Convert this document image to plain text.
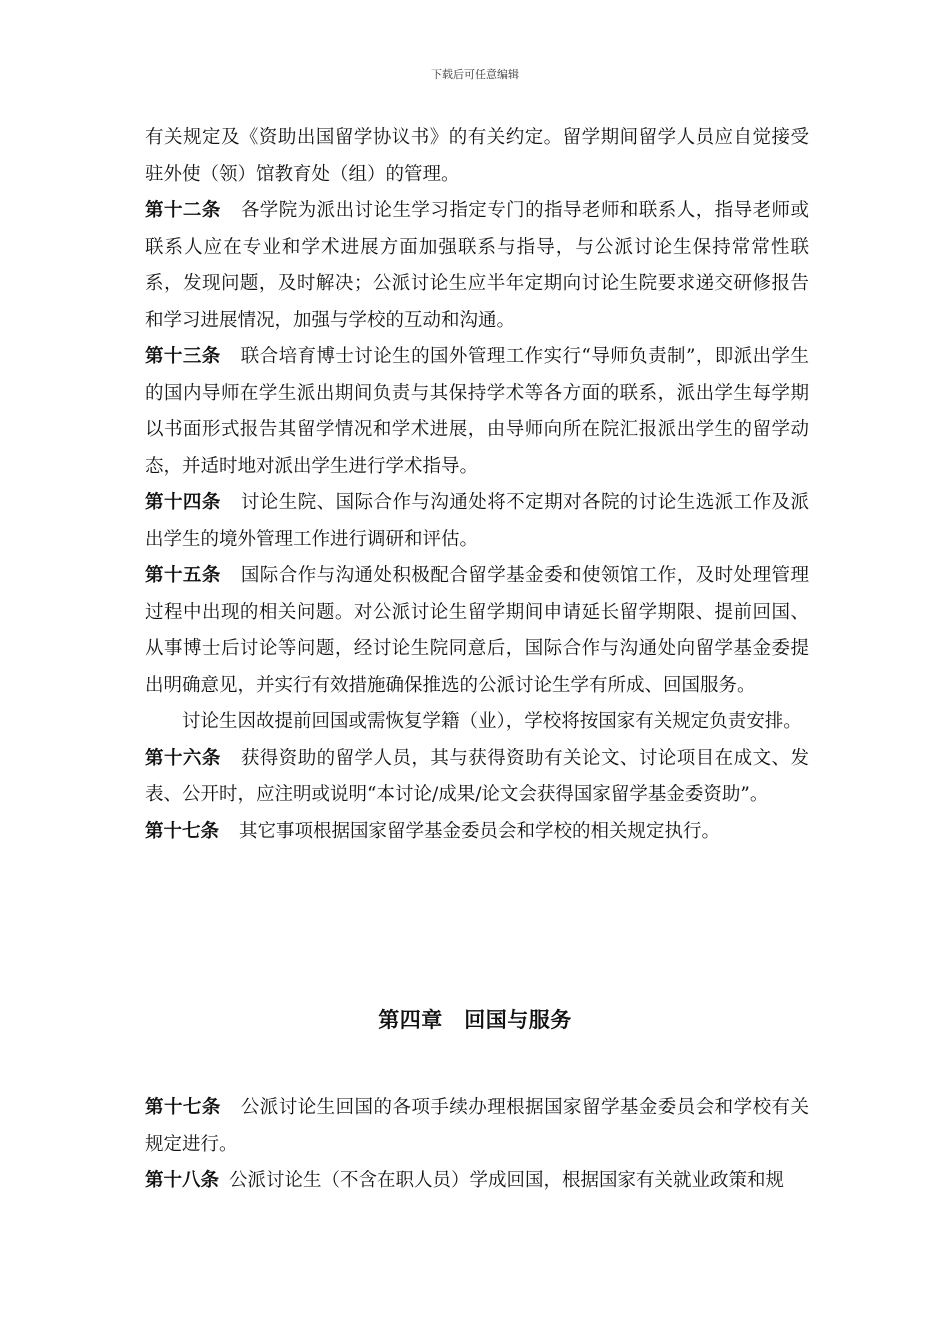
下载后可任意编辑

有关规定及《资助出国留学协议书》的有关约定。留学期间留学人员应自觉接受驻外使（领）馆教育处（组）的管理。

第十二条 各学院为派出讨论生学习指定专门的指导老师和联系人，指导老师或联系人应在专业和学术进展方面加强联系与指导，与公派讨论生保持常常性联系，发现问题，及时解决；公派讨论生应半年定期向讨论生院要求递交研修报告和学习进展情况，加强与学校的互动和沟通。

第十三条 联合培育博士讨论生的国外管理工作实行“导师负责制”，即派出学生的国内导师在学生派出期间负责与其保持学术等各方面的联系，派出学生每学期以书面形式报告其留学情况和学术进展，由导师向所在院汇报派出学生的留学动态，并适时地对派出学生进行学术指导。

第十四条 讨论生院、国际合作与沟通处将不定期对各院的讨论生选派工作及派出学生的境外管理工作进行调研和评估。

第十五条 国际合作与沟通处积极配合留学基金委和使领馆工作，及时处理管理过程中出现的相关问题。对公派讨论生留学期间申请延长留学期限、提前回国、从事博士后讨论等问题，经讨论生院同意后，国际合作与沟通处向留学基金委提出明确意见，并实行有效措施确保推选的公派讨论生学有所成、回国服务。

讨论生因故提前回国或需恢复学籍（业），学校将按国家有关规定负责安排。

第十六条 获得资助的留学人员，其与获得资助有关论文、讨论项目在成文、发表、公开时，应注明或说明“本讨论/成果/论文会获得国家留学基金委资助”。

第十七条 其它事项根据国家留学基金委员会和学校的相关规定执行。

第四章　回国与服务

第十七条 公派讨论生回国的各项手续办理根据国家留学基金委员会和学校有关规定进行。

第十八条 公派讨论生（不含在职人员）学成回国，根据国家有关就业政策和规
